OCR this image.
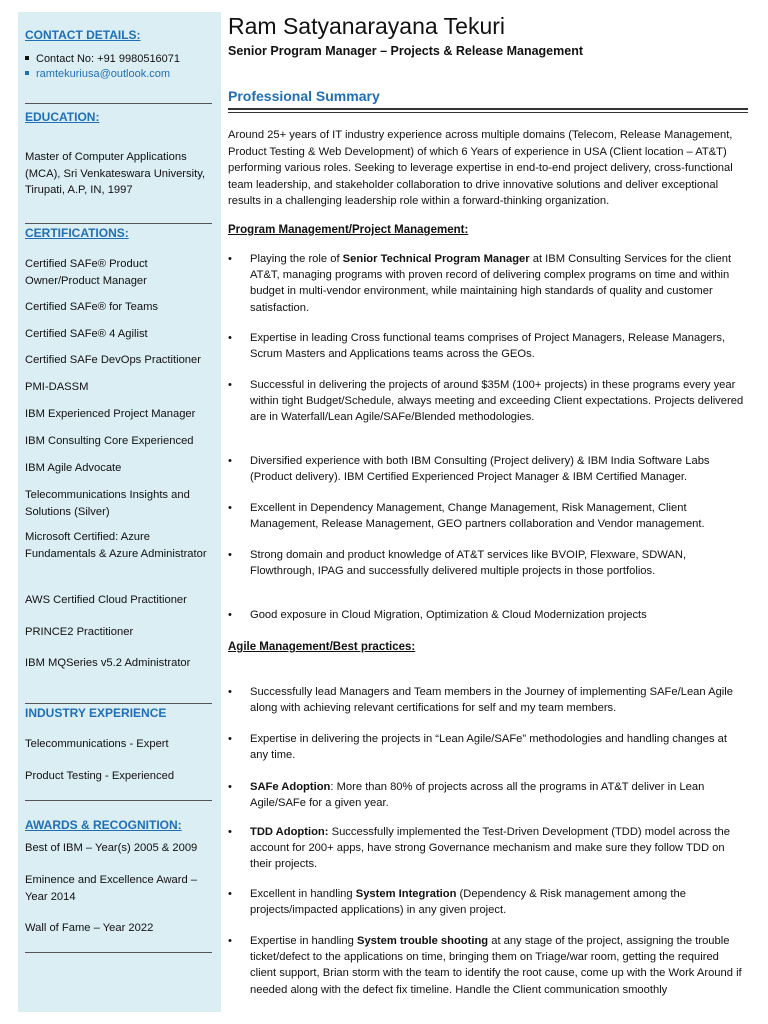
CONTACT DETAILS:
Contact No: +91 9980516071
ramtekuriusa@outlook.com
EDUCATION:
Master of Computer Applications (MCA), Sri Venkateswara University, Tirupati, A.P, IN, 1997
CERTIFICATIONS:
Certified SAFe® Product Owner/Product Manager
Certified SAFe® for Teams
Certified SAFe® 4 Agilist
Certified SAFe DevOps Practitioner
PMI-DASSM
IBM Experienced Project Manager
IBM Consulting Core Experienced
IBM Agile Advocate
Telecommunications Insights and Solutions (Silver)
Microsoft Certified: Azure Fundamentals & Azure Administrator
AWS Certified Cloud Practitioner
PRINCE2 Practitioner
IBM MQSeries v5.2 Administrator
INDUSTRY EXPERIENCE
Telecommunications - Expert
Product Testing - Experienced
AWARDS & RECOGNITION:
Best of IBM – Year(s) 2005 & 2009
Eminence and Excellence Award – Year 2014
Wall of Fame – Year 2022
Ram Satyanarayana Tekuri
Senior Program Manager – Projects & Release Management
Professional Summary
Around 25+ years of IT industry experience across multiple domains (Telecom, Release Management, Product Testing & Web Development) of which 6 Years of experience in USA (Client location – AT&T) performing various roles. Seeking to leverage expertise in end-to-end project delivery, cross-functional team leadership, and stakeholder collaboration to drive innovative solutions and deliver exceptional results in a challenging leadership role within a forward-thinking organization.
Program Management/Project Management:
• Playing the role of Senior Technical Program Manager at IBM Consulting Services for the client AT&T, managing programs with proven record of delivering complex programs on time and within budget in multi-vendor environment, while maintaining high standards of quality and customer satisfaction.
• Expertise in leading Cross functional teams comprises of Project Managers, Release Managers, Scrum Masters and Applications teams across the GEOs.
• Successful in delivering the projects of around $35M (100+ projects) in these programs every year within tight Budget/Schedule, always meeting and exceeding Client expectations. Projects delivered are in Waterfall/Lean Agile/SAFe/Blended methodologies.
• Diversified experience with both IBM Consulting (Project delivery) & IBM India Software Labs (Product delivery). IBM Certified Experienced Project Manager & IBM Certified Manager.
• Excellent in Dependency Management, Change Management, Risk Management, Client Management, Release Management, GEO partners collaboration and Vendor management.
• Strong domain and product knowledge of AT&T services like BVOIP, Flexware, SDWAN, Flowthrough, IPAG and successfully delivered multiple projects in those portfolios.
• Good exposure in Cloud Migration, Optimization & Cloud Modernization projects
Agile Management/Best practices:
• Successfully lead Managers and Team members in the Journey of implementing SAFe/Lean Agile along with achieving relevant certifications for self and my team members.
• Expertise in delivering the projects in “Lean Agile/SAFe” methodologies and handling changes at any time.
• SAFe Adoption: More than 80% of projects across all the programs in AT&T deliver in Lean Agile/SAFe for a given year.
• TDD Adoption: Successfully implemented the Test-Driven Development (TDD) model across the account for 200+ apps, have strong Governance mechanism and make sure they follow TDD on their projects.
• Excellent in handling System Integration (Dependency & Risk management among the projects/impacted applications) in any given project.
• Expertise in handling System trouble shooting at any stage of the project, assigning the trouble ticket/defect to the applications on time, bringing them on Triage/war room, getting the required client support, Brian storm with the team to identify the root cause, come up with the Work Around if needed along with the defect fix timeline. Handle the Client communication smoothly
